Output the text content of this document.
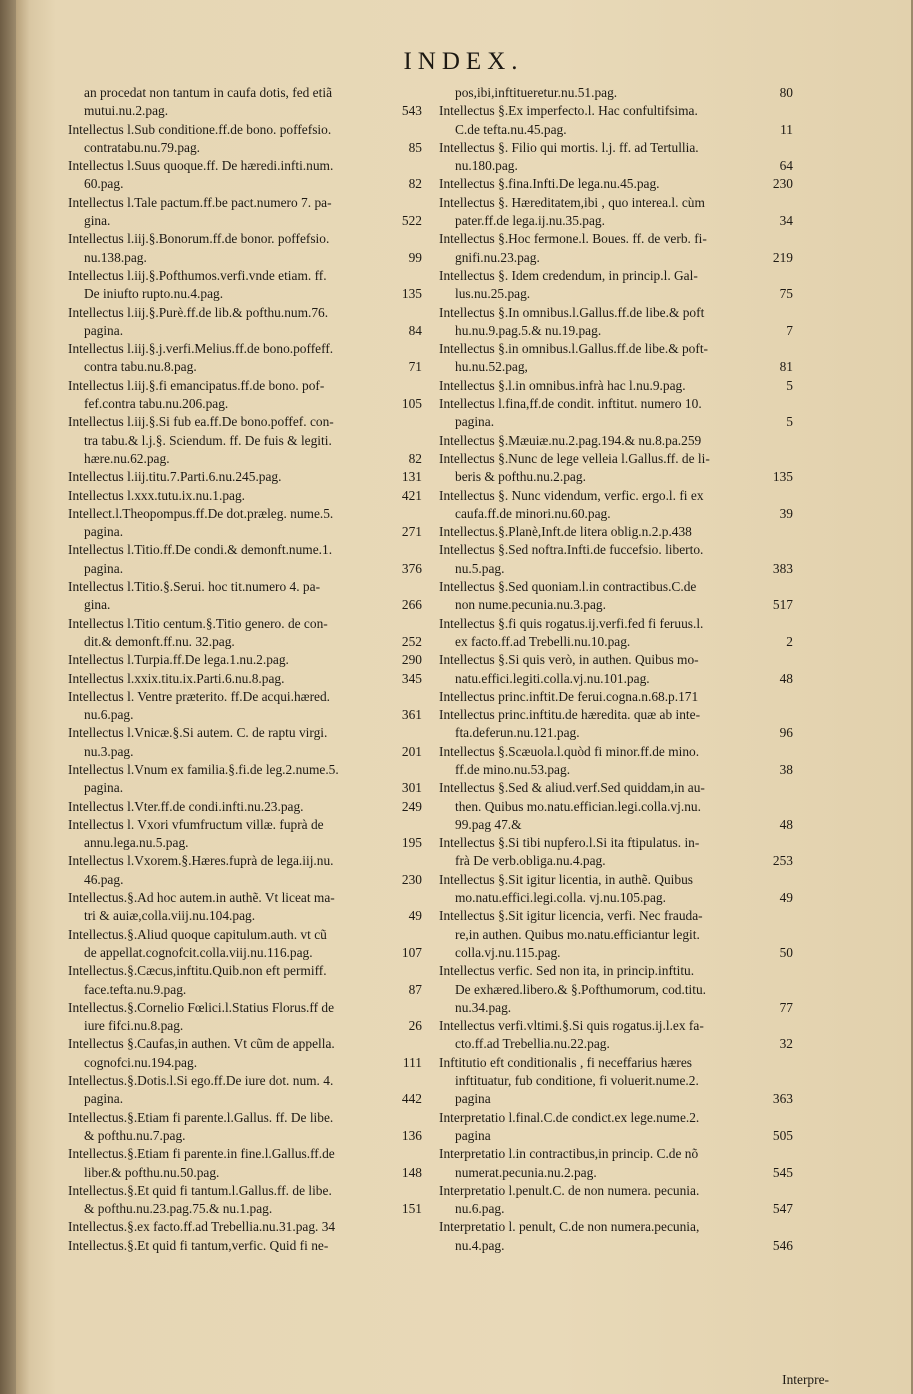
INDEX.
an procedat non tantum in caufa dotis, fed etiã
mutui.nu.2.pag.	543
Intellectus l.Sub conditione.ff.de bono. poffefsio.
contratabu.nu.79.pag.	85
Intellectus l.Suus quoque.ff. De hæredi.infti.num.
60.pag.	82
Intellectus l.Tale pactum.ff.be pact.numero 7. pa-
gina.	522
Intellectus l.iij.§.Bonorum.ff.de bonor. poffefsio.
nu.138.pag.	99
Intellectus l.iij.§.Pofthumos.verfi.vnde etiam. ff.
De iniufto rupto.nu.4.pag.	135
Intellectus l.iij.§.Purè.ff.de lib.& pofthu.num.76.
pagina.	84
Intellectus l.iij.§.j.verfi.Melius.ff.de bono.poffeff.
contra tabu.nu.8.pag.	71
Intellectus l.iij.§.fi emancipatus.ff.de bono. pof-
fef.contra tabu.nu.206.pag.	105
Intellectus l.iij.§.Si fub ea.ff.De bono.poffef. con-
tra tabu.& l.j.§. Sciendum. ff. De fuis & legiti.
hære.nu.62.pag.	82
Intellectus l.iij.titu.7.Parti.6.nu.245.pag.	131
Intellectus l.xxx.tutu.ix.nu.1.pag.	421
Intellect.l.Theopompus.ff.De dot.præleg. nume.5.
pagina.	271
Intellectus l.Titio.ff.De condi.& demonft.nume.1.
pagina.	376
Intellectus l.Titio.§.Serui. hoc tit.numero 4. pa-
gina.	266
Intellectus l.Titio centum.§.Titio genero. de con-
dit.& demonft.ff.nu. 32.pag.	252
Intellectus l.Turpia.ff.De lega.1.nu.2.pag.	290
Intellectus l.xxix.titu.ix.Parti.6.nu.8.pag.	345
Intellectus l. Ventre præterito. ff.De acqui.hæred.
nu.6.pag.	361
Intellectus l.Vnicæ.§.Si autem. C. de raptu virgi.
nu.3.pag.	201
Intellectus l.Vnum ex familia.§.fi.de leg.2.nume.5.
pagina.	301
Intellectus l.Vter.ff.de condi.infti.nu.23.pag.	249
Intellectus l. Vxori vfumfructum villæ. fuprà de
annu.lega.nu.5.pag.	195
Intellectus l.Vxorem.§.Hæres.fuprà de lega.iij.nu.
46.pag.	230
Intellectus.§.Ad hoc autem.in authẽ. Vt liceat ma-
tri & auiæ,colla.viij.nu.104.pag.	49
Intellectus.§.Aliud quoque capitulum.auth. vt cũ
de appellat.cognofcit.colla.viij.nu.116.pag.	107
Intellectus.§.Cæcus,inftitu.Quib.non eft permiff.
face.tefta.nu.9.pag.	87
Intellectus.§.Cornelio Fœlici.l.Statius Florus.ff de
iure fifci.nu.8.pag.	26
Intellectus §.Caufas,in authen. Vt cũm de appella.
cognofci.nu.194.pag.	111
Intellectus.§.Dotis.l.Si ego.ff.De iure dot. num. 4.
pagina.	442
Intellectus.§.Etiam fi parente.l.Gallus. ff. De libe.
& pofthu.nu.7.pag.	136
Intellectus.§.Etiam fi parente.in fine.l.Gallus.ff.de
liber.& pofthu.nu.50.pag.	148
Intellectus.§.Et quid fi tantum.l.Gallus.ff. de libe.
& pofthu.nu.23.pag.75.& nu.1.pag.	151
Intellectus.§.ex facto.ff.ad Trebellia.nu.31.pag. 34
Intellectus.§.Et quid fi tantum,verfic. Quid fi ne-
pos,ibi,inftitueretur.nu.51.pag.	80
Intellectus §.Ex imperfecto.l. Hac confultifsima.
C.de tefta.nu.45.pag.	11
Intellectus §. Filio qui mortis. l.j. ff. ad Tertullia.
nu.180.pag.	64
Intellectus §.fina.Infti.De lega.nu.45.pag.	230
Intellectus §. Hæreditatem,ibi , quo interea.l. cùm
pater.ff.de lega.ij.nu.35.pag.	34
Intellectus §.Hoc fermone.l. Boues. ff. de verb. fi-
gnifi.nu.23.pag.	219
Intellectus §. Idem credendum, in princip.l. Gal-
lus.nu.25.pag.	75
Intellectus §.In omnibus.l.Gallus.ff.de libe.& poft
hu.nu.9.pag.5.& nu.19.pag.	7
Intellectus §.in omnibus.l.Gallus.ff.de libe.& poft-
hu.nu.52.pag,	81
Intellectus §.l.in omnibus.infrà hac l.nu.9.pag.	5
Intellectus l.fina,ff.de condit. inftitut. numero 10.
pagina.	5
Intellectus §.Mæuiæ.nu.2.pag.194.& nu.8.pa.259
Intellectus §.Nunc de lege velleia l.Gallus.ff. de li-
beris & pofthu.nu.2.pag.	135
Intellectus §. Nunc videndum, verfic. ergo.l. fi ex
caufa.ff.de minori.nu.60.pag.	39
Intellectus.§.Planè,Inft.de litera oblig.n.2.p.438
Intellectus §.Sed noftra.Infti.de fuccefsio. liberto.
nu.5.pag.	383
Intellectus §.Sed quoniam.l.in contractibus.C.de
non nume.pecunia.nu.3.pag.	517
Intellectus §.fi quis rogatus.ij.verfi.fed fi feruus.l.
ex facto.ff.ad Trebelli.nu.10.pag.	2
Intellectus §.Si quis verò, in authen. Quibus mo-
natu.effici.legiti.colla.vj.nu.101.pag.	48
Intellectus princ.inftit.De ferui.cogna.n.68.p.171
Intellectus princ.inftitu.de hæredita. quæ ab inte-
fta.deferun.nu.121.pag.	96
Intellectus §.Scæuola.l.quòd fi minor.ff.de mino.
ff.de mino.nu.53.pag.	38
Intellectus §.Sed & aliud.verf.Sed quiddam,in au-
then. Quibus mo.natu.effician.legi.colla.vj.nu.
99.pag 47.&	48
Intellectus §.Si tibi nupfero.l.Si ita ftipulatus. in-
frà De verb.obliga.nu.4.pag.	253
Intellectus §.Sit igitur licentia, in authẽ. Quibus
mo.natu.effici.legi.colla. vj.nu.105.pag.	49
Intellectus §.Sit igitur licencia, verfi. Nec frauda-
re,in authen. Quibus mo.natu.efficiantur legit.
colla.vj.nu.115.pag.	50
Intellectus verfic. Sed non ita, in princip.inftitu.
De exhæred.libero.& §.Pofthumorum, cod.titu.
nu.34.pag.	77
Intellectus verfi.vltimi.§.Si quis rogatus.ij.l.ex fa-
cto.ff.ad Trebellia.nu.22.pag.	32
Inftitutio eft conditionalis , fi neceffarius hæres
inftituatur, fub conditione, fi voluerit.nume.2.
pagina	363
Interpretatio l.final.C.de condict.ex lege.nume.2.
pagina	505
Interpretatio l.in contractibus,in princip. C.de nõ
numerat.pecunia.nu.2.pag.	545
Interpretatio l.penult.C. de non numera. pecunia.
nu.6.pag.	547
Interpretatio l. penult, C.de non numera.pecunia,
nu.4.pag.	546
Interpre-
